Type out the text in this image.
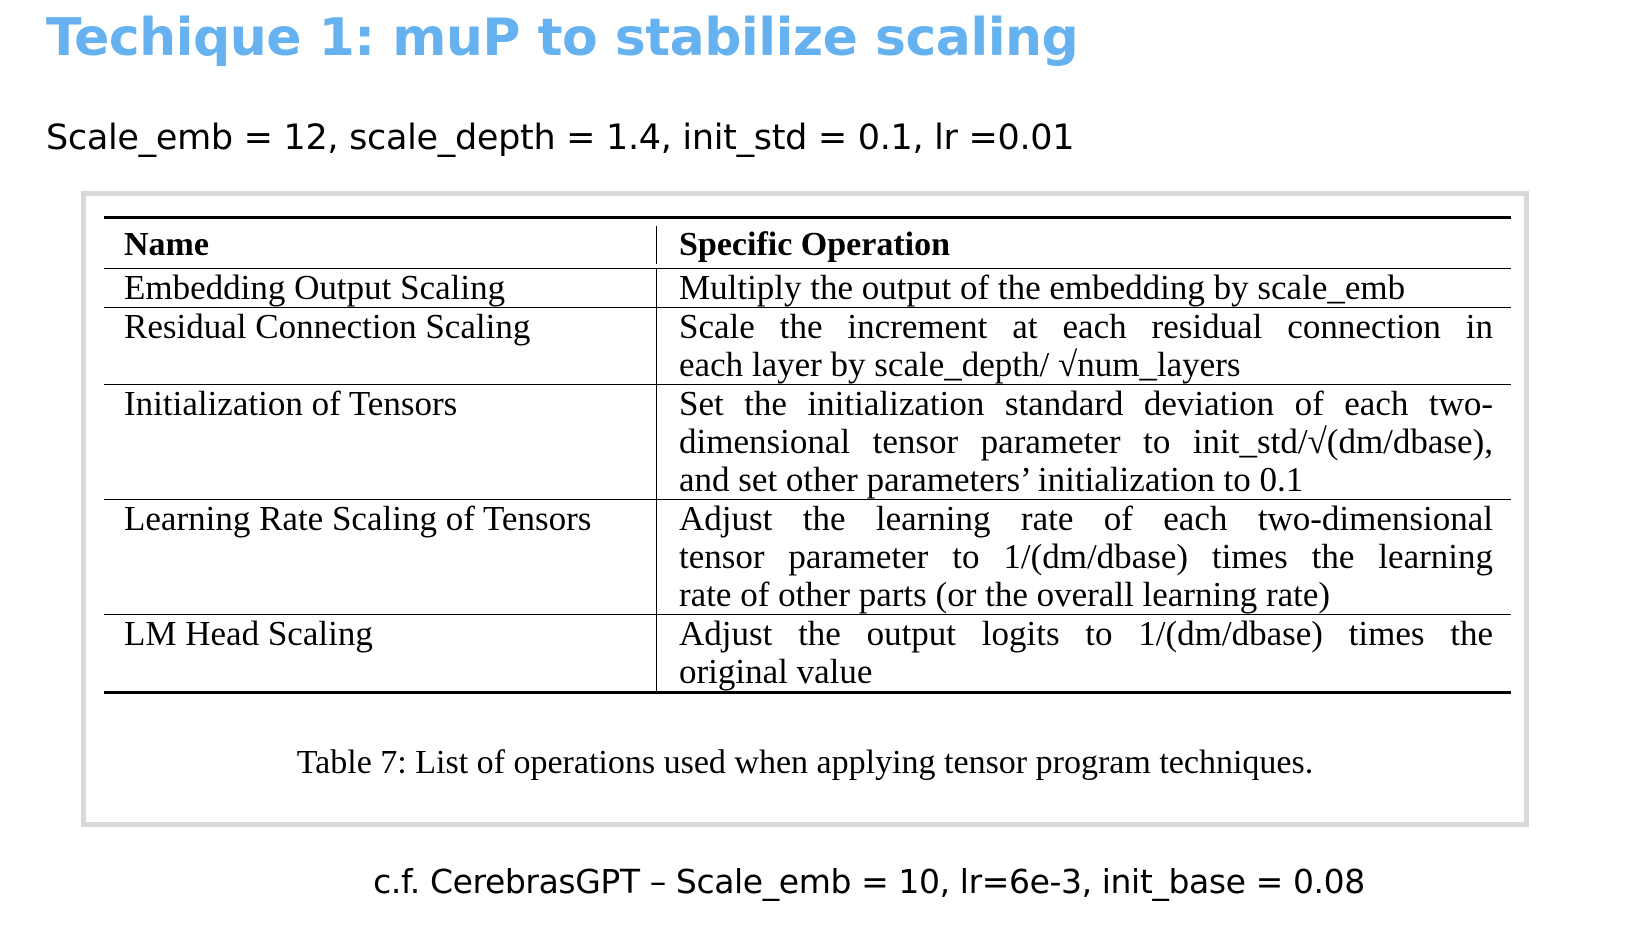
Techique 1: muP to stabilize scaling
Scale_emb = 12, scale_depth = 1.4, init_std = 0.1, lr =0.01
Name	Specific Operation
Embedding Output Scaling	Multiply the output of the embedding by scale_emb
Residual Connection Scaling	Scale the increment at each residual connection in
each layer by scale_depth/ √num_layers
Initialization of Tensors	Set the initialization standard deviation of each two-
dimensional tensor parameter to init_std/√(dm/dbase),
and set other parameters’ initialization to 0.1
Learning Rate Scaling of Tensors	Adjust the learning rate of each two-dimensional
tensor parameter to 1/(dm/dbase) times the learning
rate of other parts (or the overall learning rate)
LM Head Scaling	Adjust the output logits to 1/(dm/dbase) times the
original value
Table 7: List of operations used when applying tensor program techniques.
c.f. CerebrasGPT – Scale_emb = 10, lr=6e-3, init_base = 0.08
